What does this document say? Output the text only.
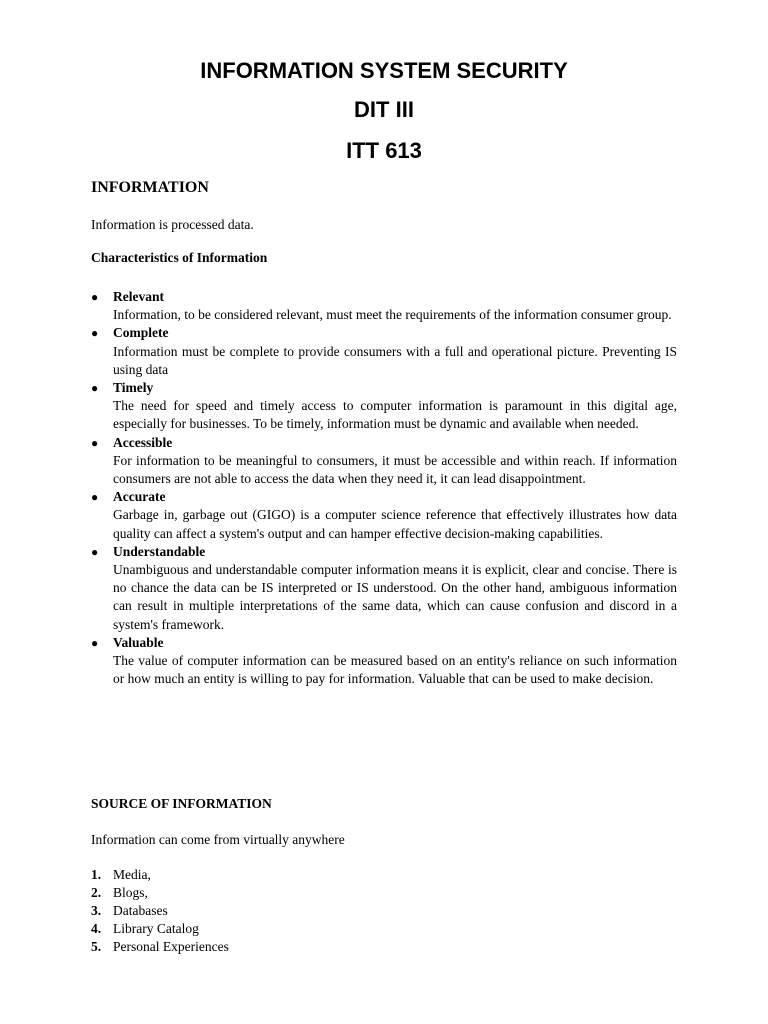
INFORMATION SYSTEM SECURITY
DIT III
ITT 613
INFORMATION

Information is processed data.

Characteristics of Information
● Relevant
Information, to be considered relevant, must meet the requirements of the information consumer group.
● Complete
Information must be complete to provide consumers with a full and operational picture. Preventing IS using data
● Timely
The need for speed and timely access to computer information is paramount in this digital age, especially for businesses. To be timely, information must be dynamic and available when needed.
● Accessible
For information to be meaningful to consumers, it must be accessible and within reach. If information consumers are not able to access the data when they need it, it can lead disappointment.
● Accurate
Garbage in, garbage out (GIGO) is a computer science reference that effectively illustrates how data quality can affect a system's output and can hamper effective decision-making capabilities.
● Understandable
Unambiguous and understandable computer information means it is explicit, clear and concise. There is no chance the data can be IS interpreted or IS understood. On the other hand, ambiguous information can result in multiple interpretations of the same data, which can cause confusion and discord in a system's framework.
● Valuable
The value of computer information can be measured based on an entity's reliance on such information or how much an entity is willing to pay for information. Valuable that can be used to make decision.
SOURCE OF INFORMATION

Information can come from virtually anywhere

1. Media,
2. Blogs,
3. Databases
4. Library Catalog
5. Personal Experiences
